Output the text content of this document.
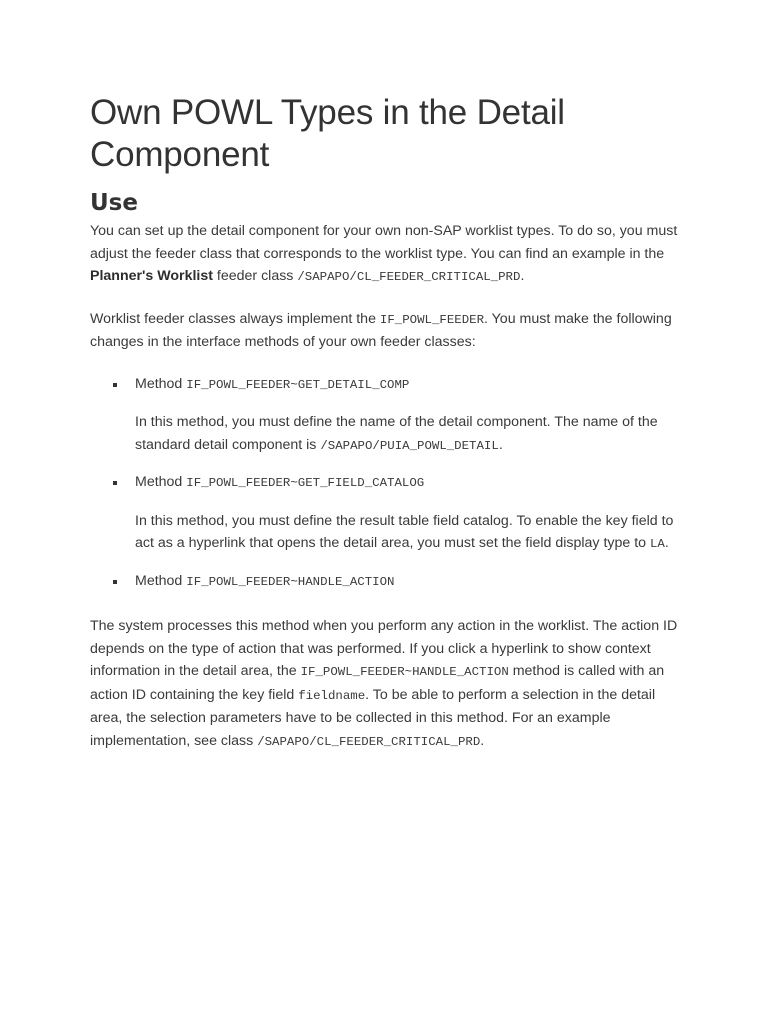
Own POWL Types in the Detail Component
Use

You can set up the detail component for your own non-SAP worklist types. To do so, you must adjust the feeder class that corresponds to the worklist type. You can find an example in the Planner's Worklist feeder class /SAPAPO/CL_FEEDER_CRITICAL_PRD.

Worklist feeder classes always implement the IF_POWL_FEEDER. You must make the following changes in the interface methods of your own feeder classes:

Method IF_POWL_FEEDER~GET_DETAIL_COMP

In this method, you must define the name of the detail component. The name of the standard detail component is /SAPAPO/PUIA_POWL_DETAIL.

Method IF_POWL_FEEDER~GET_FIELD_CATALOG

In this method, you must define the result table field catalog. To enable the key field to act as a hyperlink that opens the detail area, you must set the field display type to LA.

Method IF_POWL_FEEDER~HANDLE_ACTION

The system processes this method when you perform any action in the worklist. The action ID depends on the type of action that was performed. If you click a hyperlink to show context information in the detail area, the IF_POWL_FEEDER~HANDLE_ACTION method is called with an action ID containing the key field fieldname. To be able to perform a selection in the detail area, the selection parameters have to be collected in this method. For an example implementation, see class /SAPAPO/CL_FEEDER_CRITICAL_PRD.
